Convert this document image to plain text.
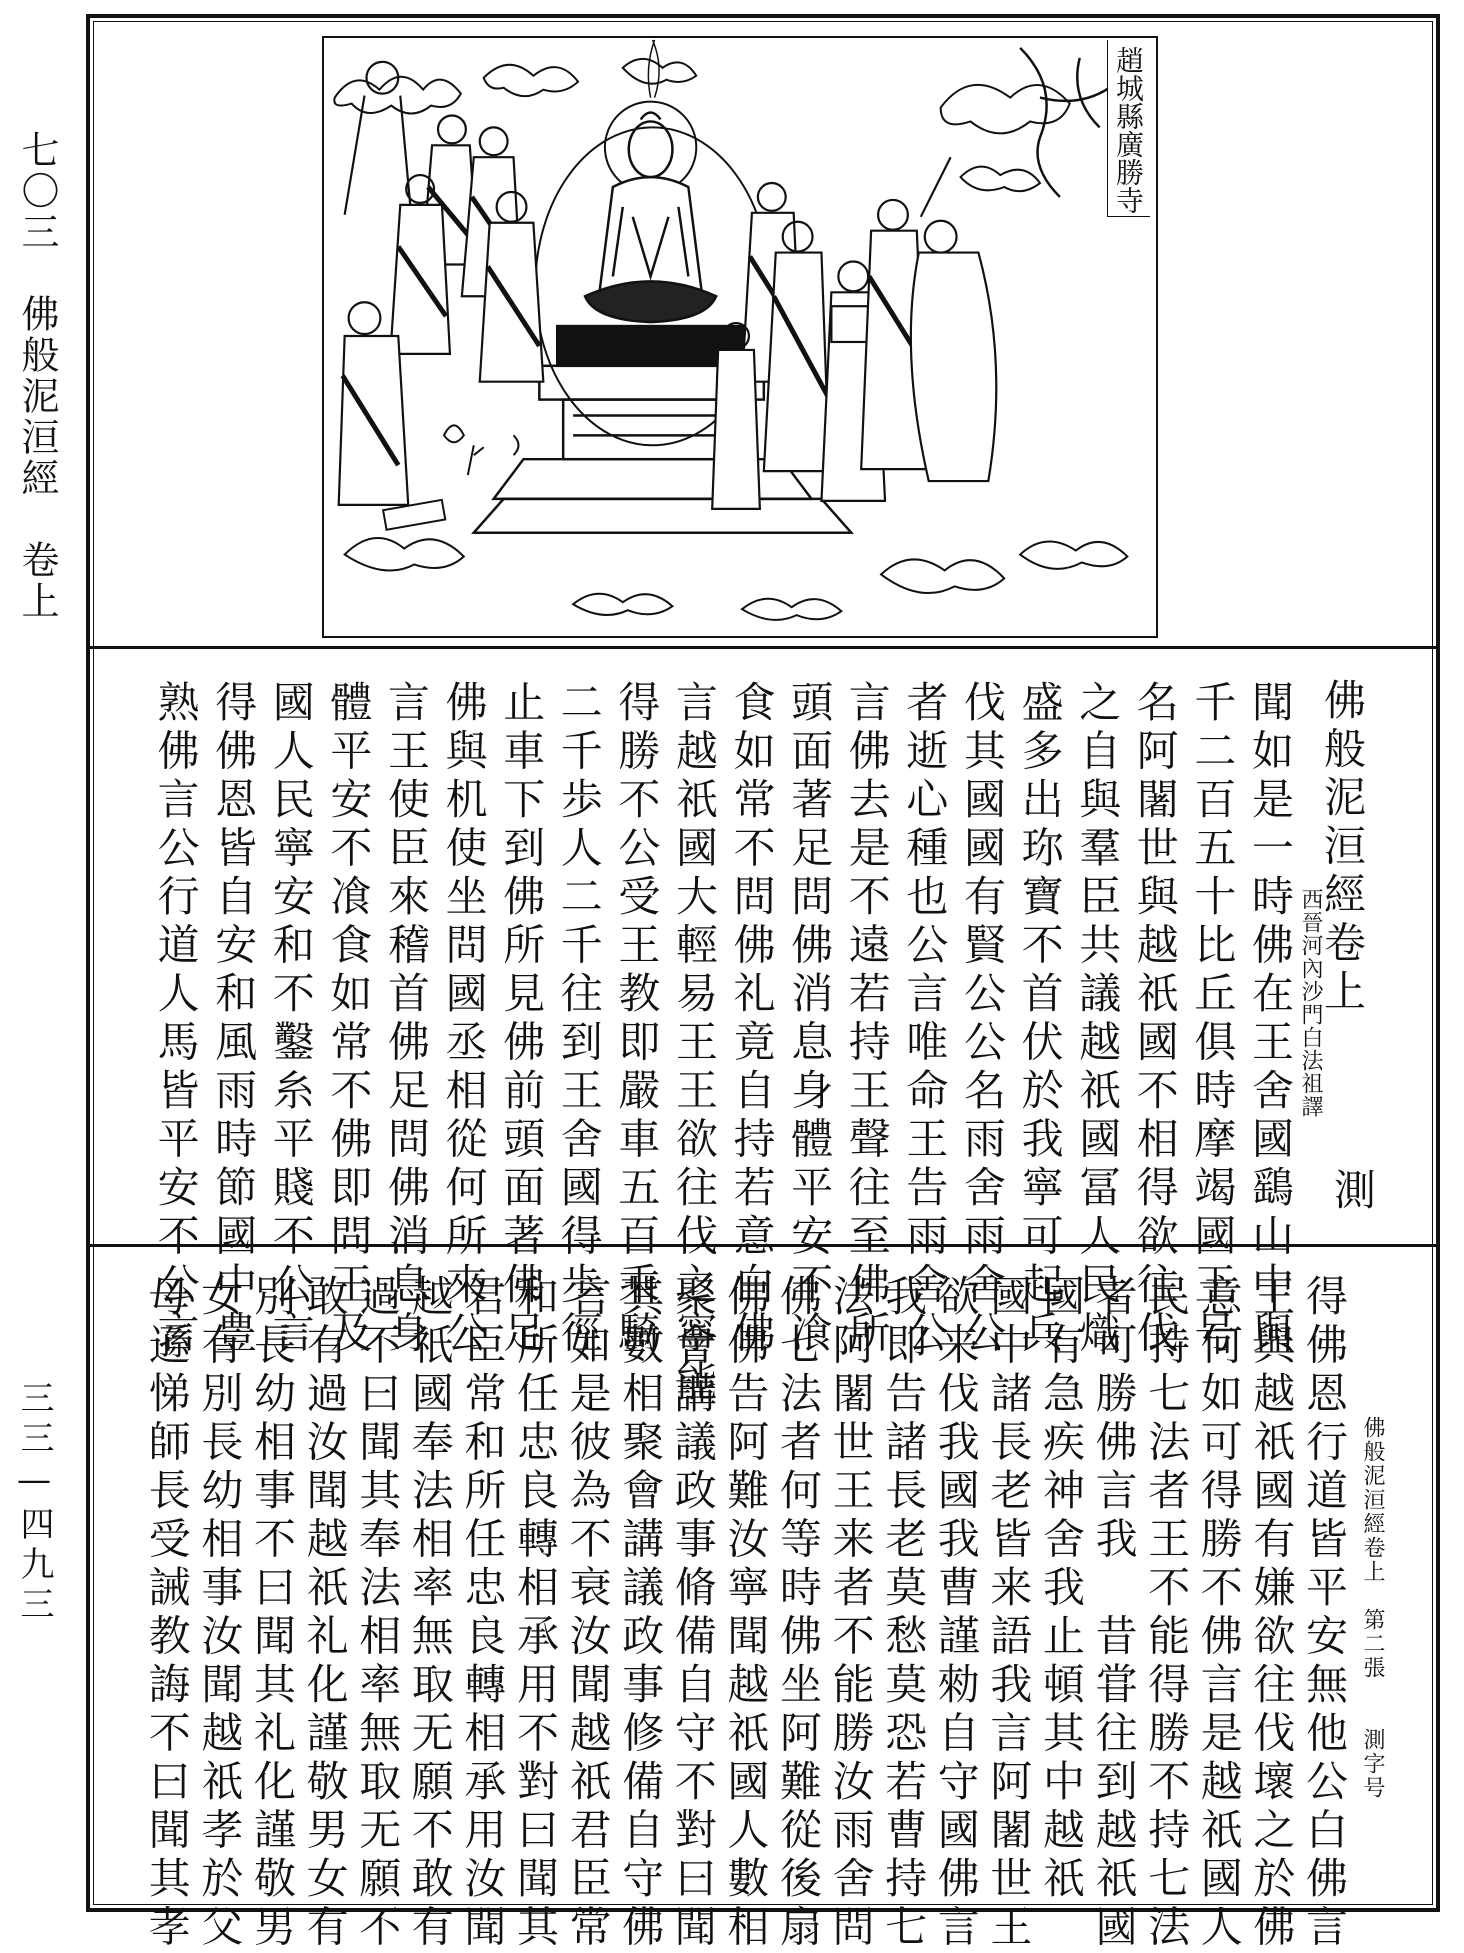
七〇三　佛般泥洹經　卷上
三三—四九三
趙城縣廣勝寺
佛般泥洹經卷上
西晉河內沙門白法祖譯
測
聞如是一時佛在王舍國鷂山中與
千二百五十比丘俱時摩竭國王号
名阿闍世與越祇國不相得欲往伐
之自與羣臣共議越祇國冨人民熾
盛多出珎寶不首伏於我寧可起兵
伐其國國有賢公公名雨舍雨舍公
者逝心種也公言唯命王告雨舍公
言佛去是不遠若持王聲往至佛所
頭面著足問佛消息身體平安不飡
食如常不問佛礼竟自持若意白佛
言越祇國大輕易王王欲往伐之寧能
得勝不公受王教即嚴車五百乘騎
二千歩人二千往到王舍國得歩徑
止車下到佛所見佛前頭面著佛足
佛與机使坐問國丞相從何所來公
言王使臣來稽首佛足問佛消息身
體平安不飡食如常不佛即問王及
國人民寧安和不鑿糸平賤不公言
得佛恩皆自安和風雨時節國中豊
熟佛言公行道人馬皆平安不公言
佛般泥洹經卷上　第二張　　測字号
得佛恩行道皆平安無他公白佛言
王與越祇國有嫌欲往伐壞之於佛
意何如可得勝不佛言是越祇國人
民持七法者王不能得勝不持七法
者可勝佛言我　昔甞往到越祇國
國有急疾神舍我止頓其中越祇
國中諸長老皆来語我言阿闍世王
欲来伐我國我曹謹勑自守國佛言
我即告諸長老莫愁莫恐若曹持七
法阿闍世王来者不能勝汝雨舍問
佛七法者何等時佛坐阿難從後扇
佛佛告阿難汝寧聞越祇國人數相
聚會講議政事脩備自守不對曰聞
其數相聚會講議政事修備自守佛
言如是彼為不衰汝聞越祇君臣常
和所任忠良轉相承用不對曰聞其
君臣常和所任忠良轉相承用汝聞
越祇國奉法相率無取无願不敢有
過不曰聞其奉法相率無取无願不
敢有過汝聞越祇礼化謹敬男女有
別長幼相事不曰聞其礼化謹敬男
女有別長幼相事汝聞越祇孝於父
母遜悌師長受誡教誨不曰聞其孝
